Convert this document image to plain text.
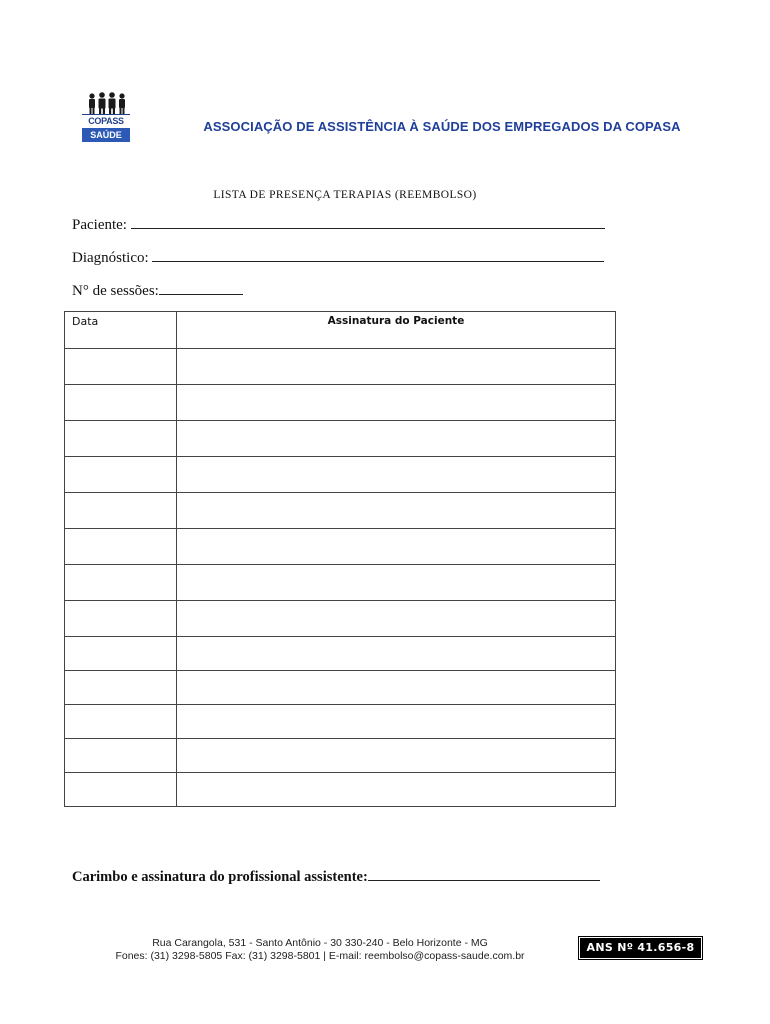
COPASS
SAÚDE
ASSOCIAÇÃO DE ASSISTÊNCIA À SAÚDE DOS EMPREGADOS DA COPASA
LISTA DE PRESENÇA TERAPIAS (REEMBOLSO)
Paciente:
Diagnóstico:
N° de sessões:
Data	Assinatura do Paciente

Carimbo e assinatura do profissional assistente:
Rua Carangola, 531 - Santo Antônio - 30 330-240 - Belo Horizonte - MG
Fones: (31) 3298-5805 Fax: (31) 3298-5801 | E-mail: reembolso@copass-saude.com.br
ANS Nº 41.656-8
